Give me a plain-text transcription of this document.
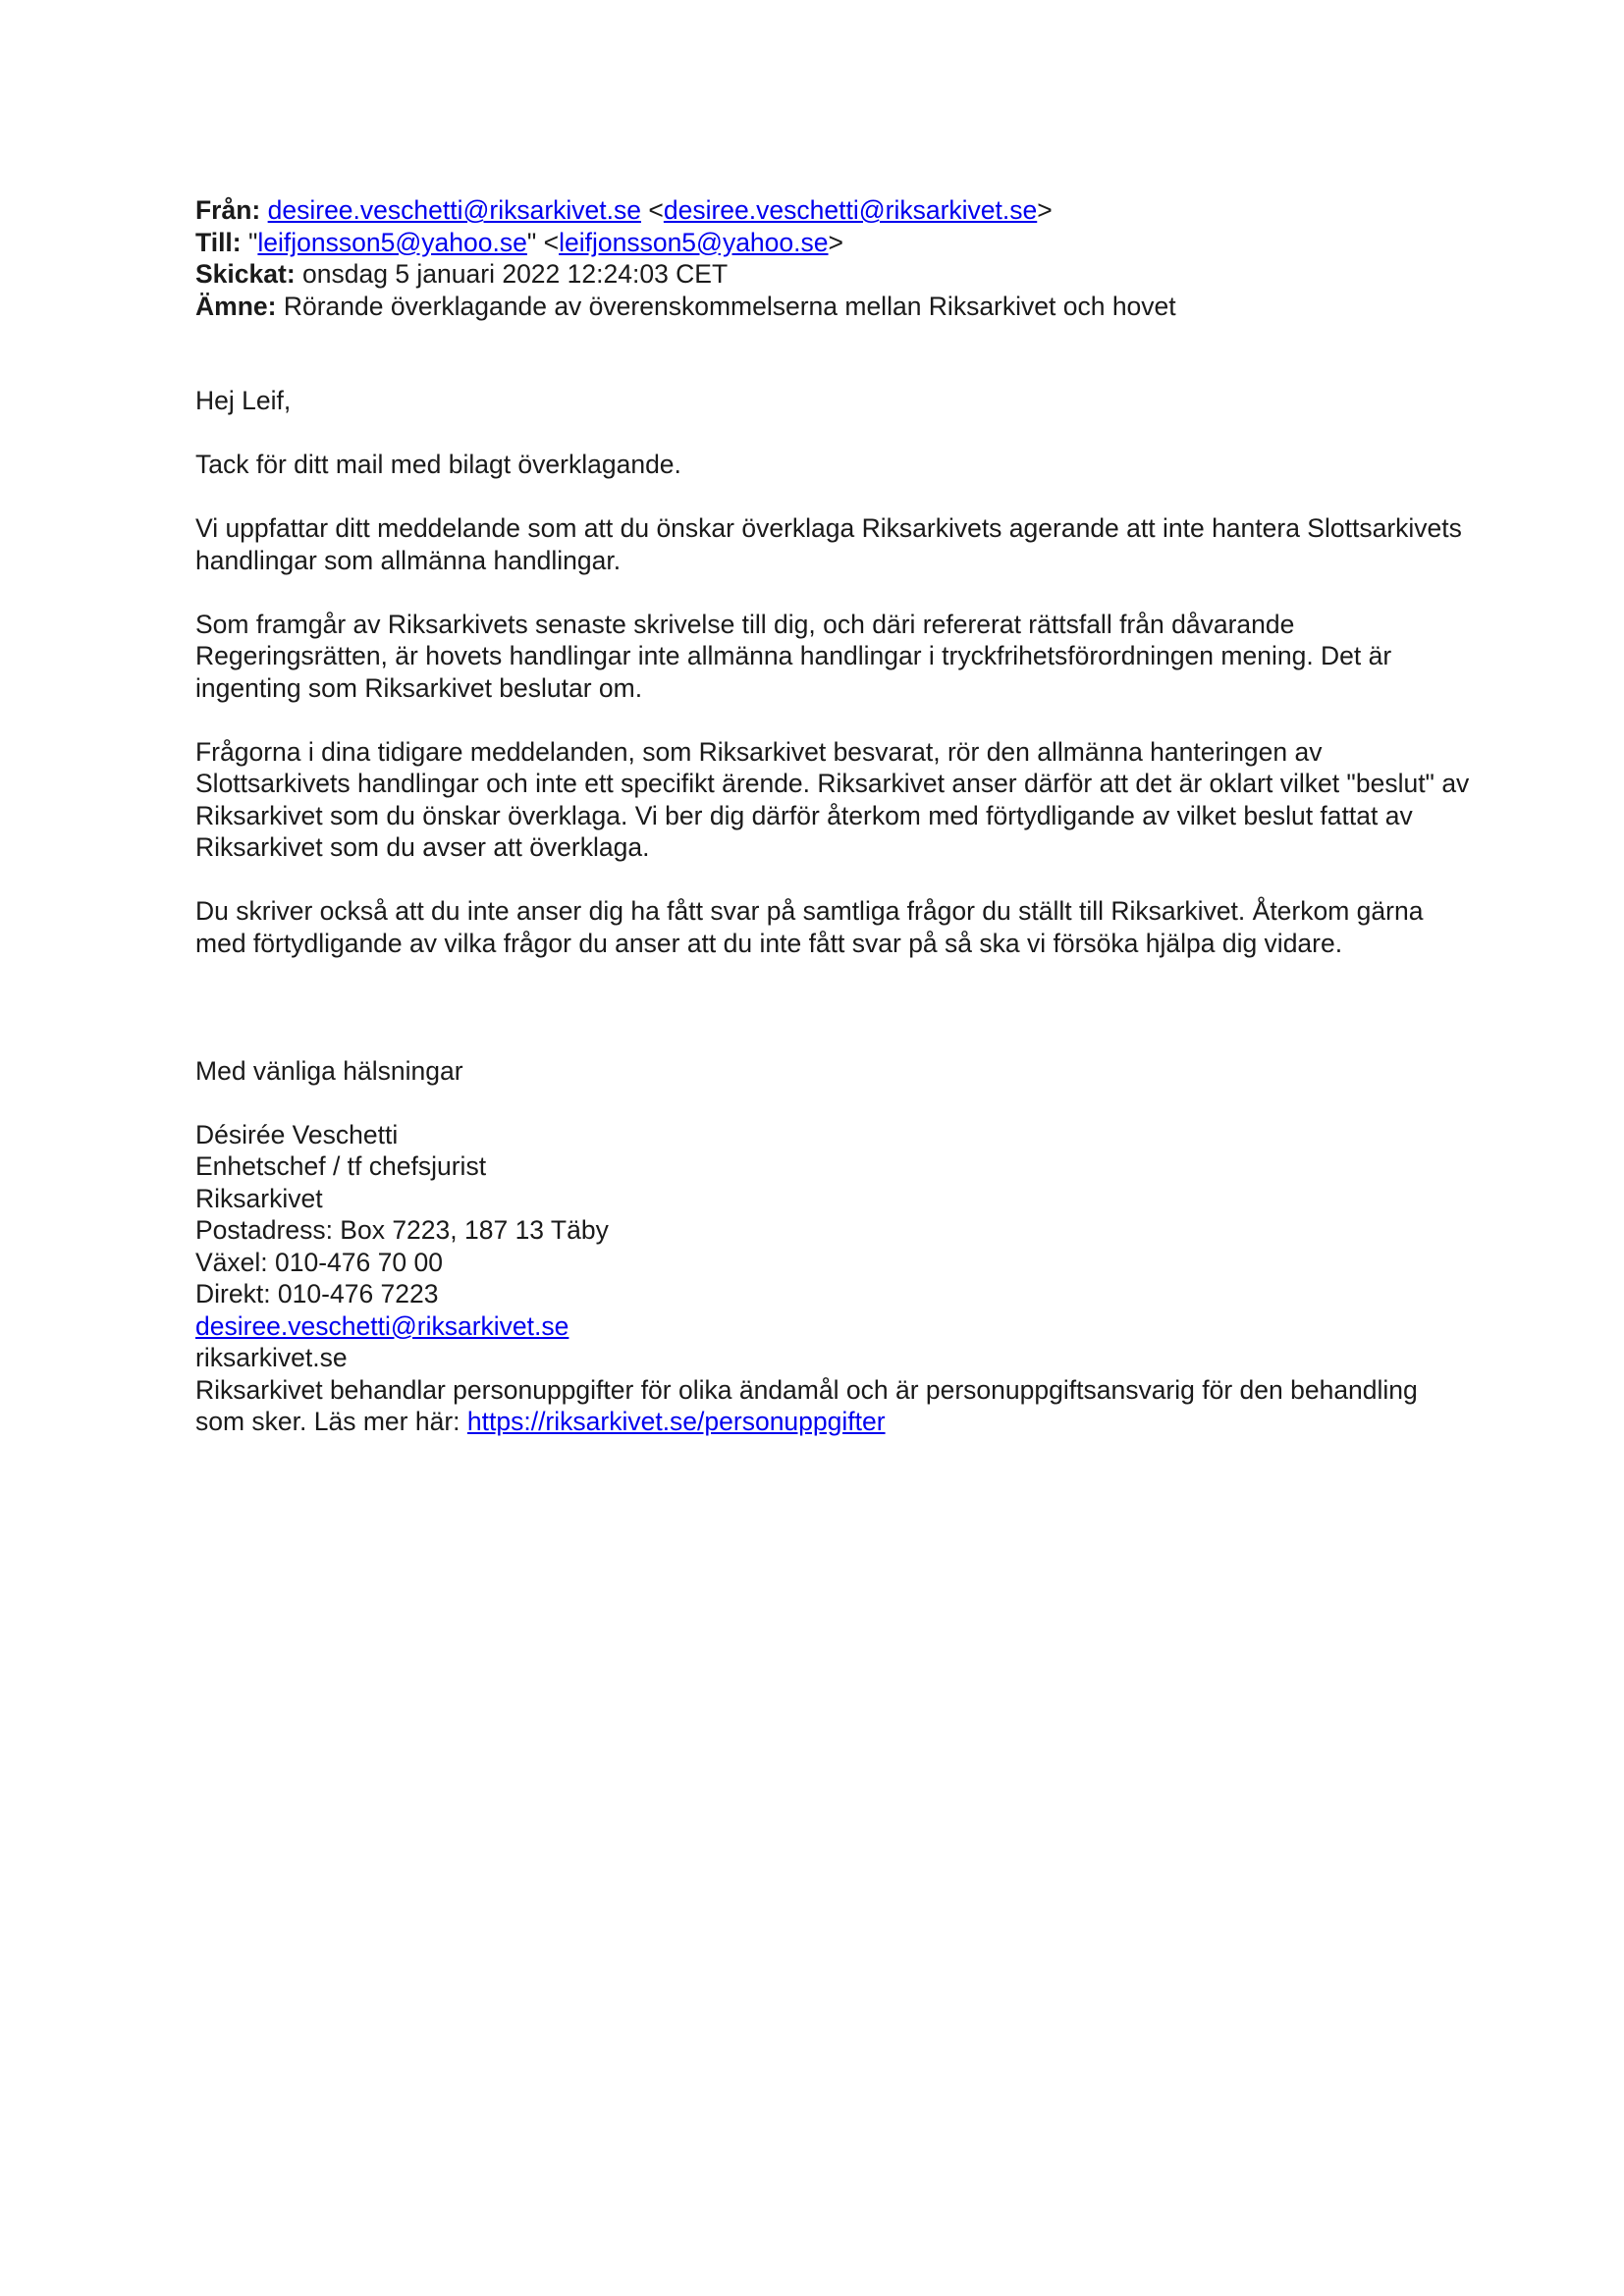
Från: desiree.veschetti@riksarkivet.se <desiree.veschetti@riksarkivet.se>
Till: "leifjonsson5@yahoo.se" <leifjonsson5@yahoo.se>
Skickat: onsdag 5 januari 2022 12:24:03 CET
Ämne: Rörande överklagande av överenskommelserna mellan Riksarkivet och hovet

Hej Leif,

Tack för ditt mail med bilagt överklagande.

Vi uppfattar ditt meddelande som att du önskar överklaga Riksarkivets agerande att inte hantera Slottsarkivets handlingar som allmänna handlingar.

Som framgår av Riksarkivets senaste skrivelse till dig, och däri refererat rättsfall från dåvarande Regeringsrätten, är hovets handlingar inte allmänna handlingar i tryckfrihetsförordningen mening. Det är ingenting som Riksarkivet beslutar om.

Frågorna i dina tidigare meddelanden, som Riksarkivet besvarat, rör den allmänna hanteringen av Slottsarkivets handlingar och inte ett specifikt ärende. Riksarkivet anser därför att det är oklart vilket "beslut" av Riksarkivet som du önskar överklaga. Vi ber dig därför återkom med förtydligande av vilket beslut fattat av Riksarkivet som du avser att överklaga.

Du skriver också att du inte anser dig ha fått svar på samtliga frågor du ställt till Riksarkivet. Återkom gärna med förtydligande av vilka frågor du anser att du inte fått svar på så ska vi försöka hjälpa dig vidare.

Med vänliga hälsningar

Désirée Veschetti
Enhetschef / tf chefsjurist
Riksarkivet
Postadress: Box 7223, 187 13 Täby
Växel: 010-476 70 00
Direkt: 010-476 7223
desiree.veschetti@riksarkivet.se
riksarkivet.se
Riksarkivet behandlar personuppgifter för olika ändamål och är personuppgiftsansvarig för den behandling som sker. Läs mer här: https://riksarkivet.se/personuppgifter
